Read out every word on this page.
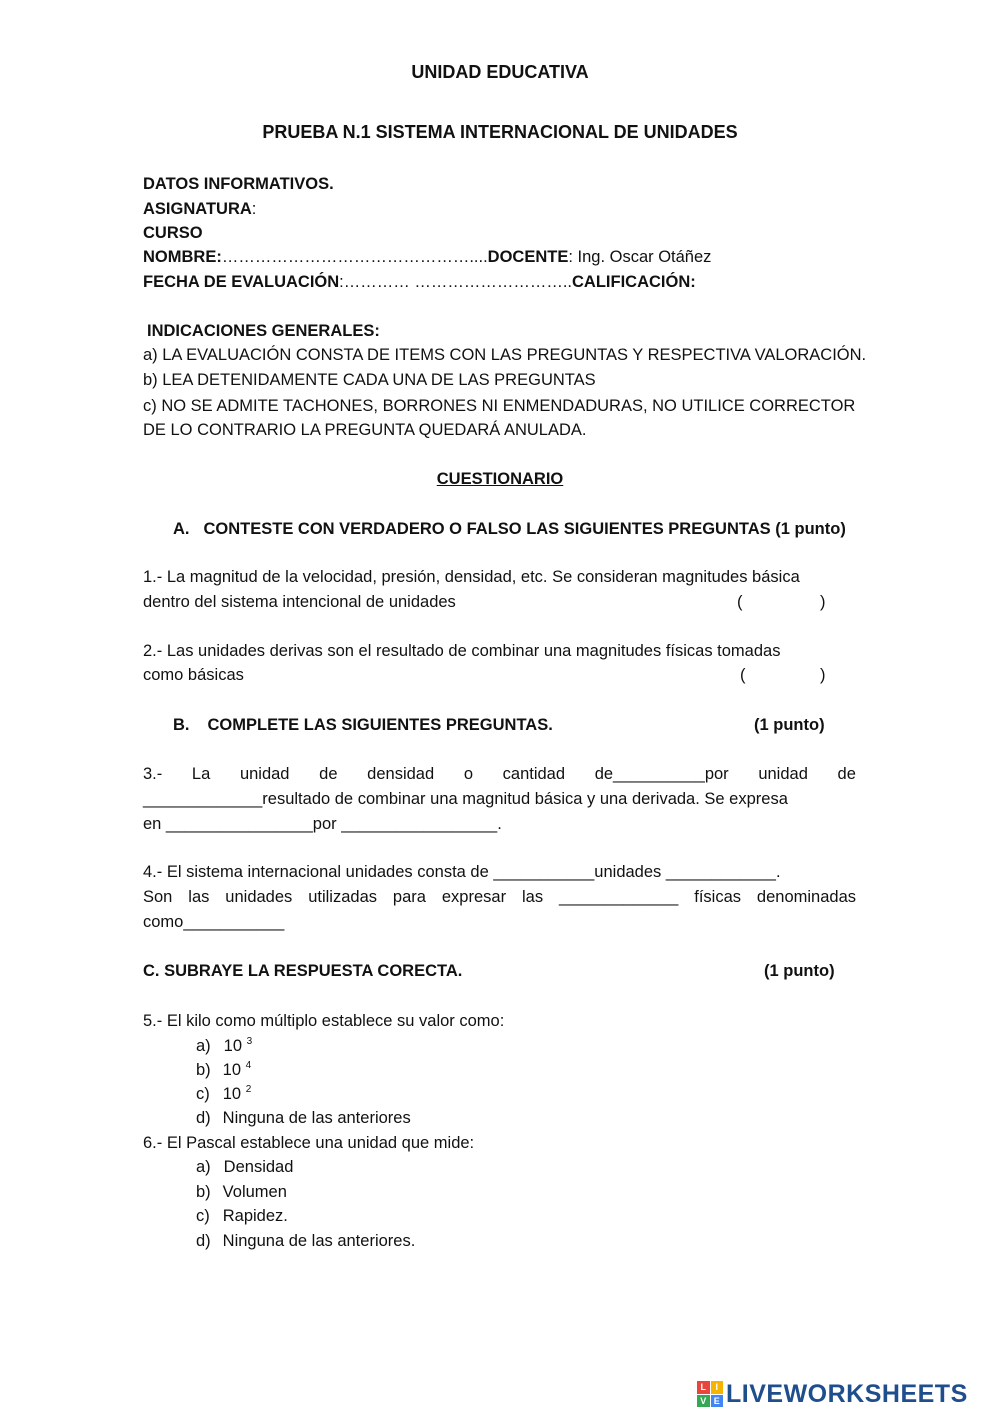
UNIDAD EDUCATIVA
PRUEBA N.1 SISTEMA INTERNACIONAL DE UNIDADES
DATOS INFORMATIVOS.
ASIGNATURA:
CURSO
NOMBRE:………………………………………....DOCENTE: Ing. Oscar Otáñez
FECHA DE EVALUACIÓN:………… ………………………..CALIFICACIÓN:
INDICACIONES GENERALES:
a) LA EVALUACIÓN CONSTA DE ITEMS CON LAS PREGUNTAS Y RESPECTIVA VALORACIÓN.
b) LEA DETENIDAMENTE CADA UNA DE LAS PREGUNTAS
c) NO SE ADMITE TACHONES, BORRONES NI ENMENDADURAS, NO UTILICE CORRECTOR
DE LO CONTRARIO LA PREGUNTA QUEDARÁ ANULADA.
CUESTIONARIO
A. CONTESTE CON VERDADERO O FALSO LAS SIGUIENTES PREGUNTAS (1 punto)
1.- La magnitud de la velocidad, presión, densidad, etc. Se consideran magnitudes básica
dentro del sistema intencional de unidades	(	)
2.- Las unidades derivas son el resultado de combinar una magnitudes físicas tomadas
como básicas	(	)
B. COMPLETE LAS SIGUIENTES PREGUNTAS.	(1 punto)
3.- La unidad de densidad o cantidad de__________por unidad de
_____________resultado de combinar una magnitud básica y una derivada. Se expresa
en ________________por _________________.
4.- El sistema internacional unidades consta de ___________unidades ____________.
Son las unidades utilizadas para expresar las _____________ físicas denominadas
como___________
C. SUBRAYE LA RESPUESTA CORECTA.	(1 punto)
5.- El kilo como múltiplo establece su valor como:
a) 10 $^3$
b) 10 $^4$
c) 10 $^2$
d) Ninguna de las anteriores
6.- El Pascal establece una unidad que mide:
a) Densidad
b) Volumen
c) Rapidez.
d) Ninguna de las anteriores.
L	I
V E LIVEWORKSHEETS
